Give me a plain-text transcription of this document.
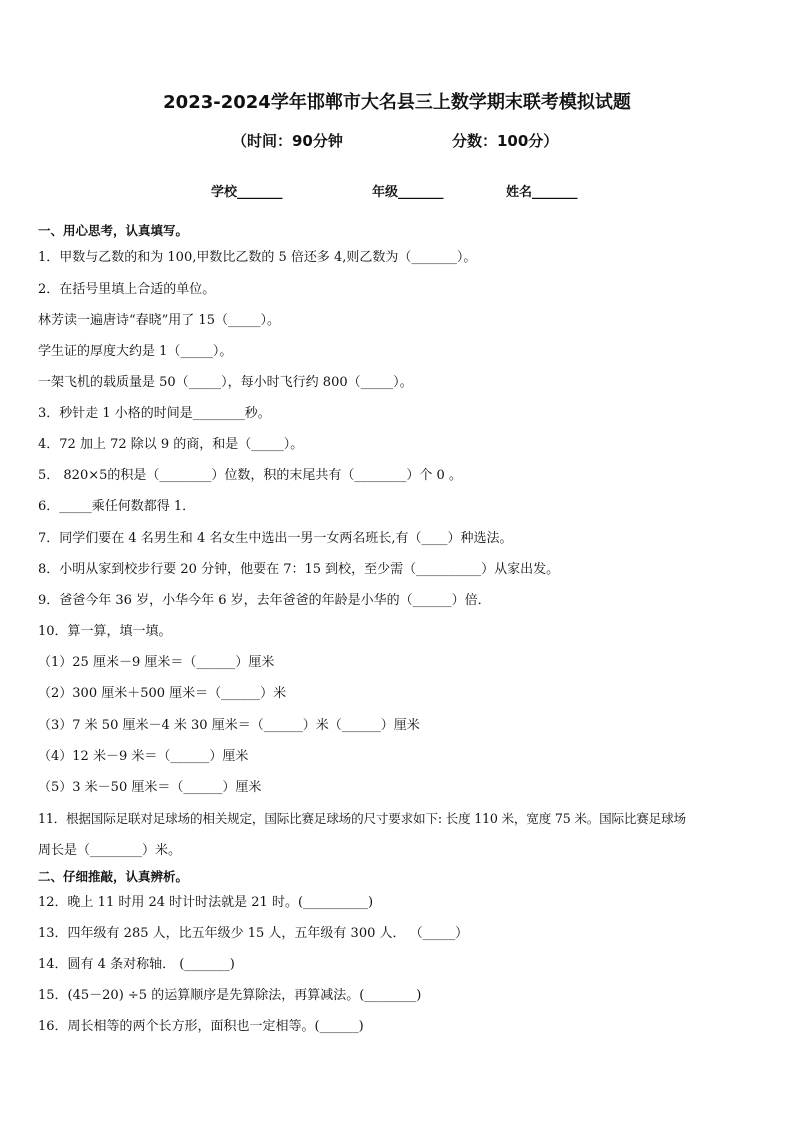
2023-2024学年邯郸市大名县三上数学期末联考模拟试题
（时间：90分钟	分数：100分）
学校_______	年级_______	姓名_______
一、用心思考，认真填写。
1．甲数与乙数的和为 100,甲数比乙数的 5 倍还多 4,则乙数为（_______）。
2．在括号里填上合适的单位。
林芳读一遍唐诗“春晓”用了 15（_____）。
学生证的厚度大约是 1（_____）。
一架飞机的载质量是 50（_____），每小时飞行约 800（_____）。
3．秒针走 1 小格的时间是________秒。
4．72 加上 72 除以 9 的商，和是（_____）。
5． 820×5的积是（________）位数，积的末尾共有（________）个 0 。
6．_____乘任何数都得 1．
7．同学们要在 4 名男生和 4 名女生中选出一男一女两名班长,有（____）种选法。
8．小明从家到校步行要 20 分钟，他要在 7：15 到校，至少需（__________）从家出发。
9．爸爸今年 36 岁，小华今年 6 岁，去年爸爸的年龄是小华的（______）倍．
10．算一算，填一填。
（1）25 厘米－9 厘米＝（______）厘米
（2）300 厘米＋500 厘米＝（______）米
（3）7 米 50 厘米－4 米 30 厘米＝（______）米（______）厘米
（4）12 米－9 米＝（______）厘米
（5）3 米－50 厘米＝（______）厘米
11．根据国际足联对足球场的相关规定，国际比赛足球场的尺寸要求如下: 长度 110 米，宽度 75 米。国际比赛足球场
周长是（________）米。
二、仔细推敲，认真辨析。
12．晚上 11 时用 24 时计时法就是 21 时。(__________)
13．四年级有 285 人，比五年级少 15 人，五年级有 300 人． （_____）
14．圆有 4 条对称轴． (_______)
15．(45－20) ÷5 的运算顺序是先算除法，再算减法。(________)
16．周长相等的两个长方形，面积也一定相等。(______)
